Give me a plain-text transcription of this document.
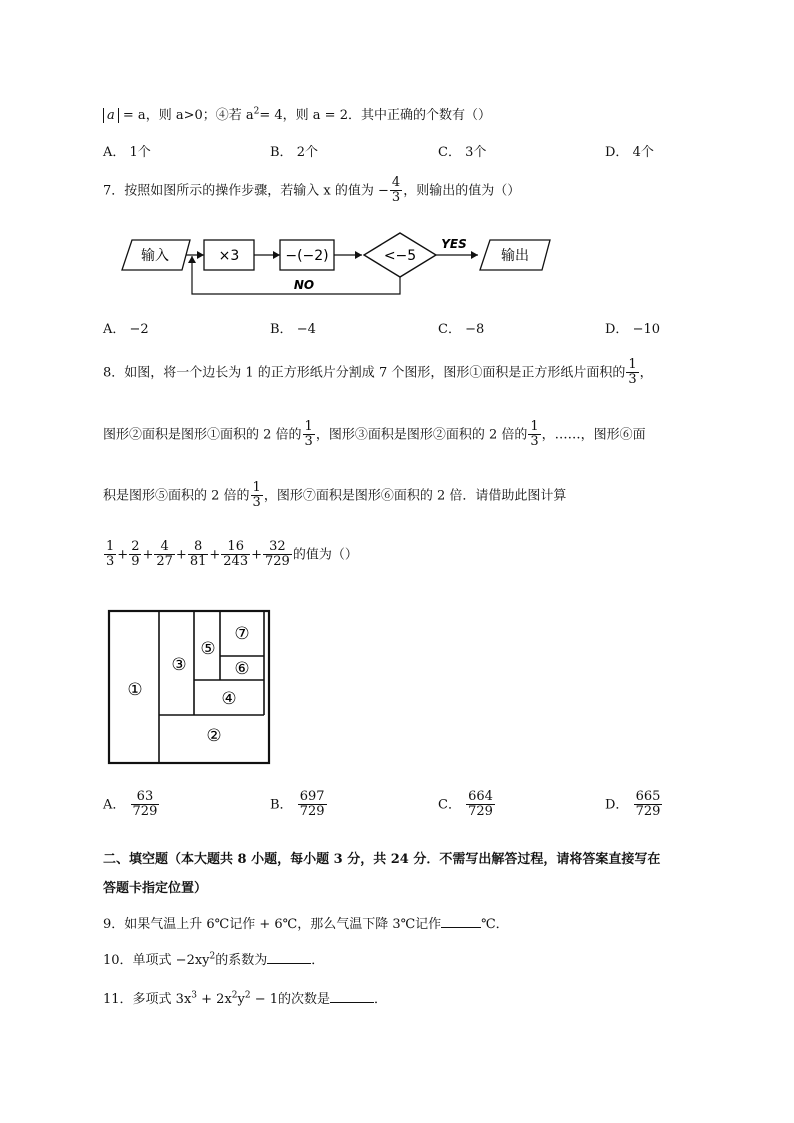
a = a，则 a>0；④若 $a^2= 4$，则 a = 2．其中正确的个数有（）
A． 1个	B． 2个	C． 3个	D． 4个
7．按照如图所示的操作步骤，若输入 x 的值为 − $\frac{4}{3}$ ，则输出的值为（）
输入	×3	−(−2)	<−5
YES
输出
NO
A． −2	B． −4	C． −8	D． −10
8．如图，将一个边长为 1 的正方形纸片分割成 7 个图形，图形①面积是正方形纸片面积的 $\frac{1}{3}$ ，
图形②面积是图形①面积的 2 倍的 $\frac{1}{3}$ ，图形③面积是图形②面积的 2 倍的 $\frac{1}{3}$ ，……，图形⑥面
积是图形⑤面积的 2 倍的 $\frac{1}{3}$ ，图形⑦面积是图形⑥面积的 2 倍．请借助此图计算
$\frac{1}{3} + \frac{2}{9} + \frac{4}{27} + \frac{8}{81} + \frac{16}{243} + \frac{32}{729}$ 的值为（）
①
②
③
④
⑤
⑥
⑦
A． $\frac{63}{729}$	B． $\frac{697}{729}$	C． $\frac{664}{729}$	D． $\frac{665}{729}$
二、填空题（本大题共 8 小题，每小题 3 分，共 24 分．不需写出解答过程，请将答案直接写在
答题卡指定位置）
9．如果气温上升 6℃记作 + 6℃，那么气温下降 3℃记作	℃．
10．单项式 $-2xy^2$的系数为	．
11．多项式 $3x^3 + 2x^2y^2 - 1$的次数是	．
